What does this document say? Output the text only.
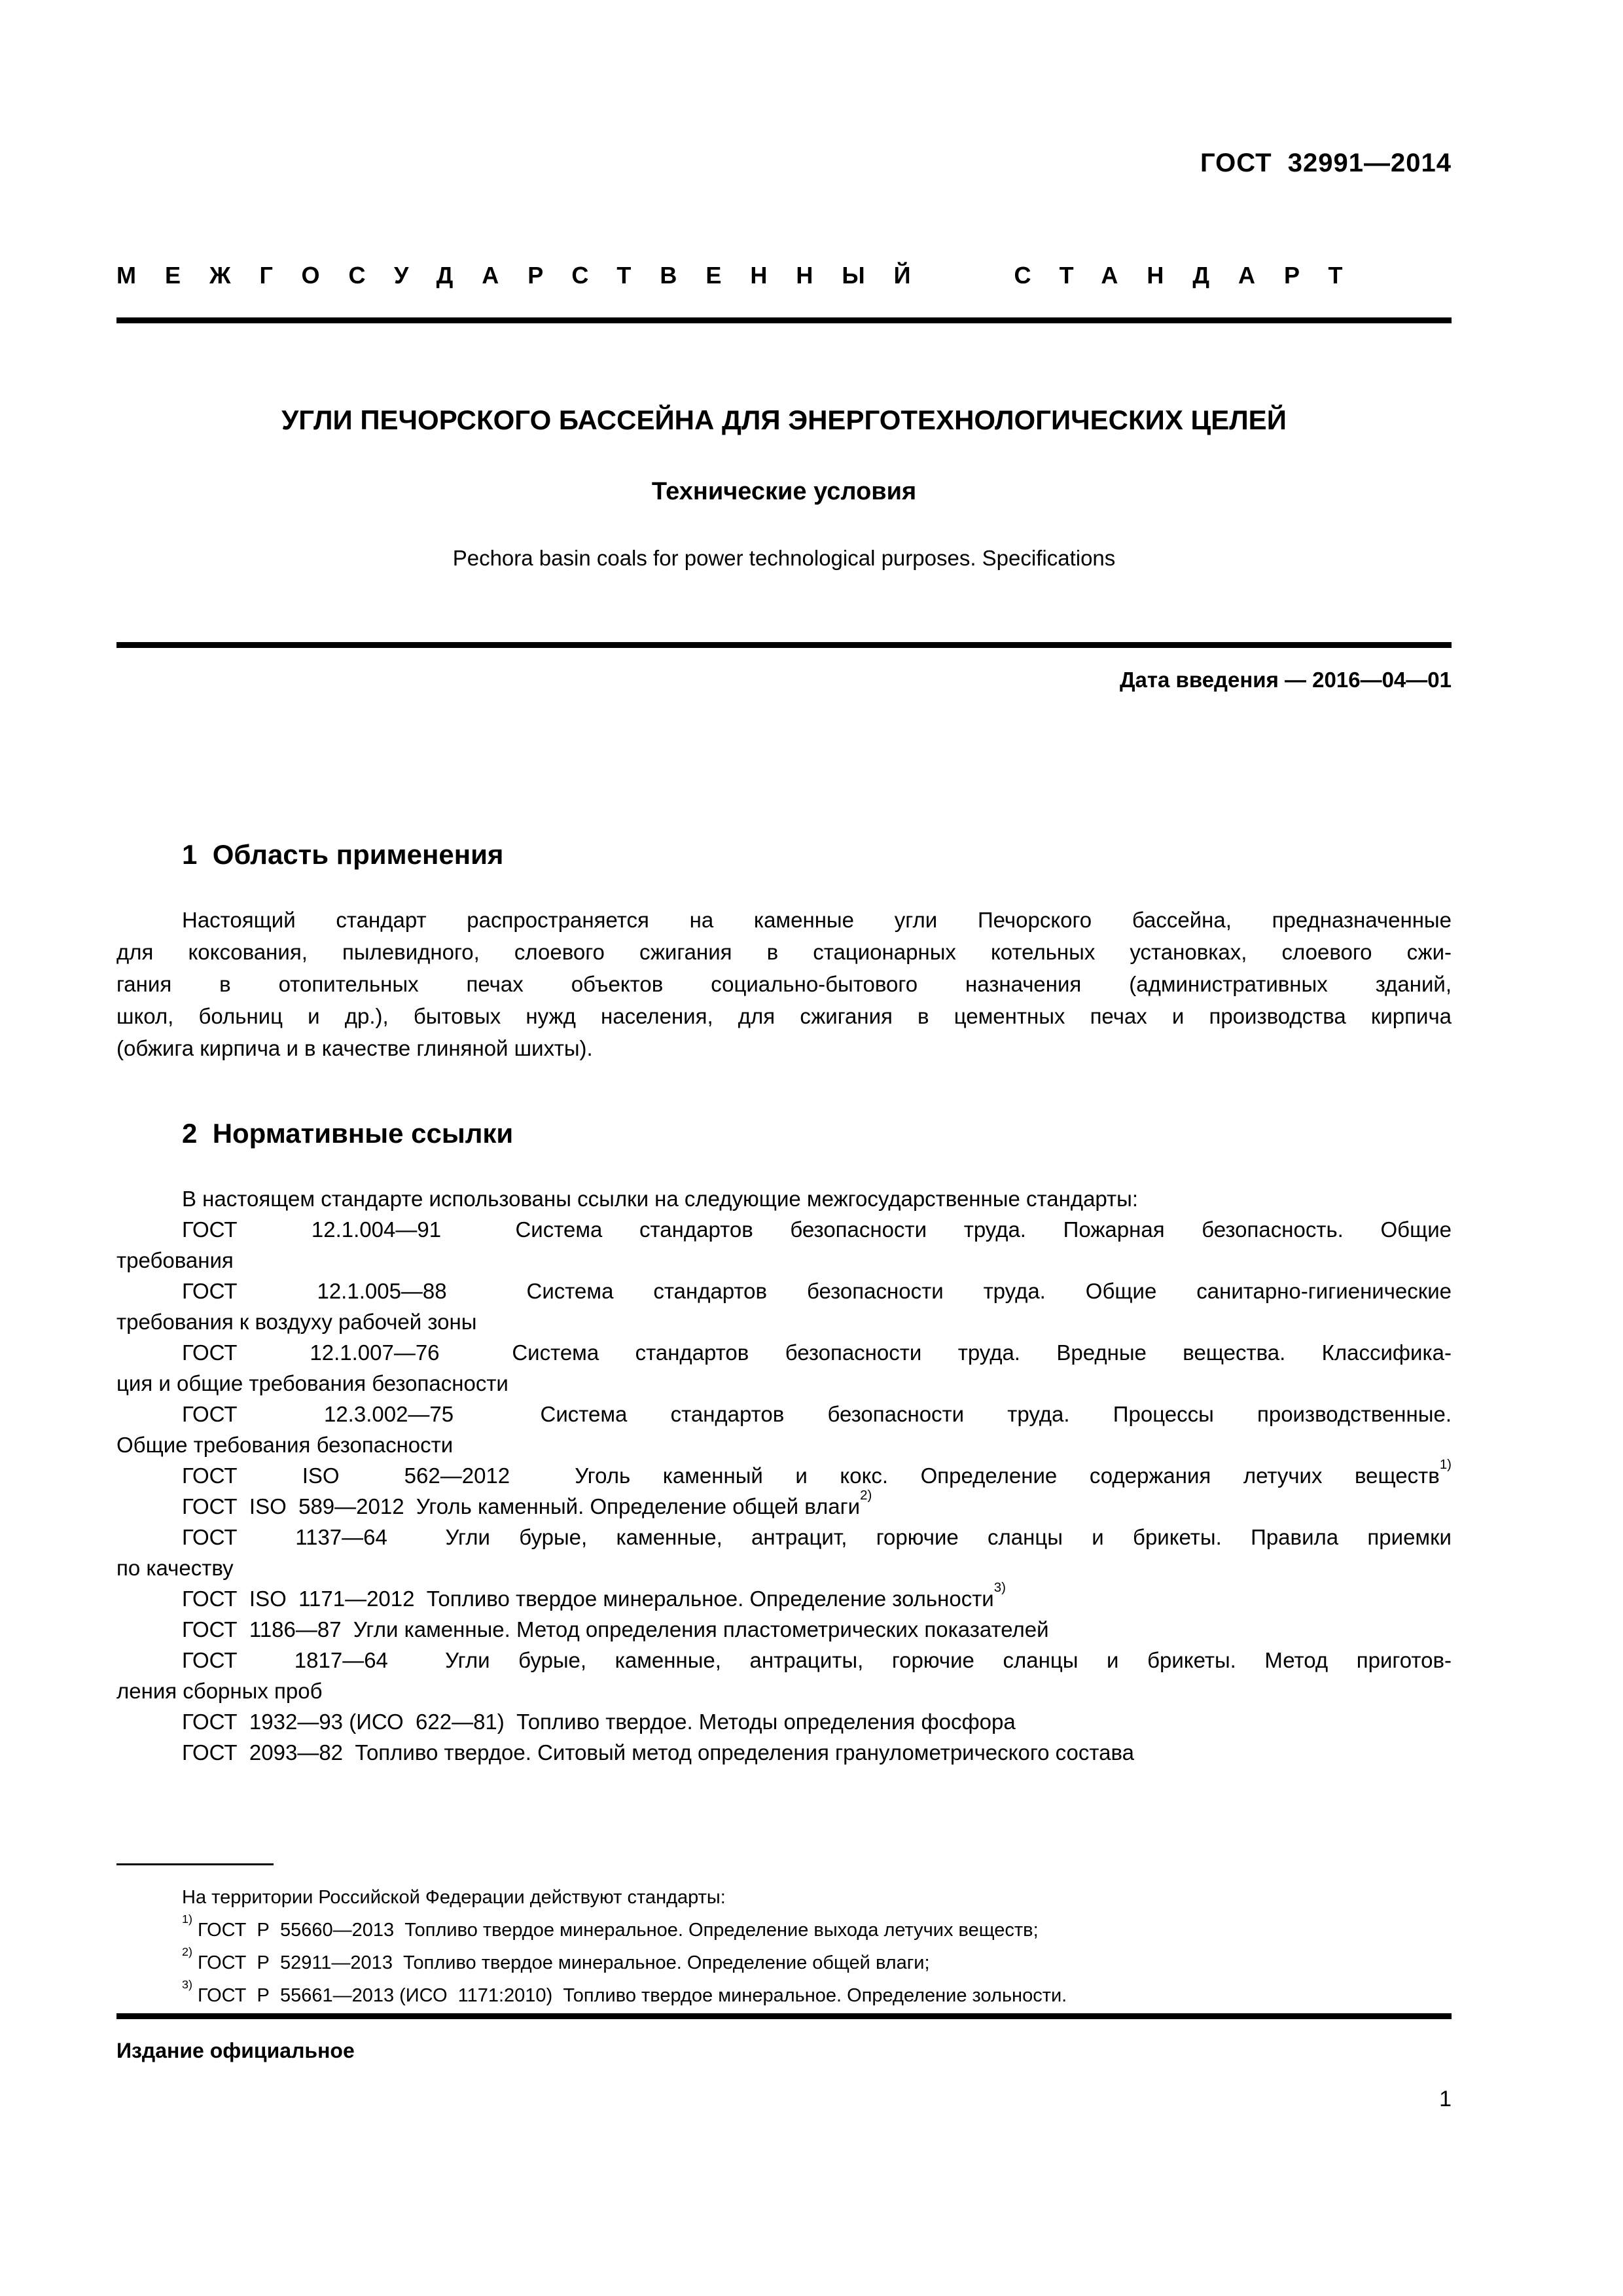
ГОСТ  32991—2014
МЕЖГОСУДАРСТВЕННЫЙ СТАНДАРТ
УГЛИ ПЕЧОРСКОГО БАССЕЙНА ДЛЯ ЭНЕРГОТЕХНОЛОГИЧЕСКИХ ЦЕЛЕЙ
Технические условия
Pechora basin coals for power technological purposes. Specifications
Дата введения — 2016—04—01
1  Область применения

Настоящий стандарт распространяется на каменные угли Печорского бассейна, предназначенные

для коксования, пылевидного, слоевого сжигания в стационарных котельных установках, слоевого сжи-

гания в отопительных печах объектов социально-бытового назначения (административных зданий,

школ, больниц и др.), бытовых нужд населения, для сжигания в цементных печах и производства кирпича

(обжига кирпича и в качестве глиняной шихты).

2  Нормативные ссылки

В настоящем стандарте использованы ссылки на следующие межгосударственные стандарты:

ГОСТ  12.1.004—91  Система стандартов безопасности труда. Пожарная безопасность. Общие

требования

ГОСТ  12.1.005—88  Система стандартов безопасности труда. Общие санитарно-гигиенические

требования к воздуху рабочей зоны

ГОСТ  12.1.007—76  Система стандартов безопасности труда. Вредные вещества. Классифика-

ция и общие требования безопасности

ГОСТ  12.3.002—75  Система стандартов безопасности труда. Процессы производственные.

Общие требования безопасности

ГОСТ  ISO  562—2012  Уголь каменный и кокс. Определение содержания летучих веществ$^{1)}$

ГОСТ  ISO  589—2012  Уголь каменный. Определение общей влаги$^{2)}$

ГОСТ  1137—64  Угли бурые, каменные, антрацит, горючие сланцы и брикеты. Правила приемки

по качеству

ГОСТ  ISO  1171—2012  Топливо твердое минеральное. Определение зольности$^{3)}$

ГОСТ  1186—87  Угли каменные. Метод определения пластометрических показателей

ГОСТ  1817—64  Угли бурые, каменные, антрациты, горючие сланцы и брикеты. Метод приготов-

ления сборных проб

ГОСТ  1932—93 (ИСО  622—81)  Топливо твердое. Методы определения фосфора

ГОСТ  2093—82  Топливо твердое. Ситовый метод определения гранулометрического состава

На территории Российской Федерации действуют стандарты:

$^{1)}$ ГОСТ  Р  55660—2013  Топливо твердое минеральное. Определение выхода летучих веществ;

$^{2)}$ ГОСТ  Р  52911—2013  Топливо твердое минеральное. Определение общей влаги;

$^{3)}$ ГОСТ  Р  55661—2013 (ИСО  1171:2010)  Топливо твердое минеральное. Определение зольности.

Издание официальное
1
